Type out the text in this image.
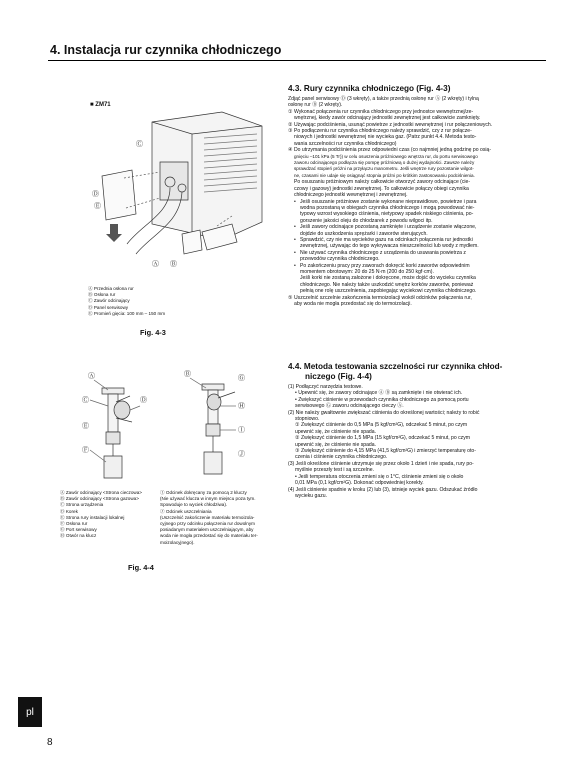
4. Instalacja rur czynnika chłodniczego
■ ZM71
Ⓒ
Ⓓ
Ⓔ
Ⓐ Ⓑ
Ⓐ Przednia osłona rur
Ⓑ Osłona rur
Ⓒ Zawór odcinający
Ⓓ Panel serwisowy
Ⓔ Promień gięcia: 100 mm – 150 mm
Fig. 4-3
4.3. Rury czynnika chłodniczego (Fig. 4-3)

Zdjąć panel serwisowy Ⓓ (3 wkręty), a także przednią osłonę rur Ⓐ (2 wkręty) i tylną

osłonę rur Ⓑ (2 wkręty).

① Wykonać połączenia rur czynnika chłodniczego przy jednostce wewnętrznej/ze-

wnętrznej, kiedy zawór odcinający jednostki zewnętrznej jest całkowicie zamknięty.

② Używając podciśnienia, usunąć powietrze z jednostki wewnętrznej i rur połączeniowych.

③ Po podłączeniu rur czynnika chłodniczego należy sprawdzić, czy z rur połącze-

niowych i jednostki wewnętrznej nie wycieka gaz. (Patrz punkt 4.4. Metoda testo-

wania szczelności rur czynnika chłodniczego)

④ Do utrzymania podciśnienia przez odpowiedni czas (co najmniej jedną godzinę po osią-

gnięciu –101 kPa (5 Tr)) w celu osuszenia próżniowego wnętrza rur, do portu serwisowego

zaworu odcinającego podłącza się pompę próżniową o dużej wydajności. Zawsze należy

sprawdzać stopień próżni na przyłączu manometru. Jeśli wnętrze rury pozostanie wilgot-

ne, czasami nie udaje się osiągnąć stopnia próżni po krótkim zastosowaniu podciśnienia.

Po osuszaniu próżniowym należy całkowicie otworzyć zawory odcinające (cie-

czowy i gazowy) jednostki zewnętrznej. To całkowicie połączy obiegi czynnika

chłodniczego jednostki wewnętrznej i zewnętrznej.

• Jeśli osuszanie próżniowe zostanie wykonane nieprawidłowo, powietrze i para
wodna pozostaną w obiegach czynnika chłodniczego i mogą powodować nie-
typowy wzrost wysokiego ciśnienia, nietypowy spadek niskiego ciśnienia, po-
gorszenie jakości oleju do chłodzarek z powodu wilgoci itp.
• Jeśli zawory odcinające pozostaną zamknięte i urządzenie zostanie włączone,
dojdzie do uszkodzenia sprężarki i zaworów sterujących.
• Sprawdzić, czy nie ma wycieków gazu na odcinkach połączenia rur jednostki
zewnętrznej, używając do tego wykrywacza nieszczelności lub wody z mydłem.
• Nie używać czynnika chłodniczego z urządzenia do usuwania powietrza z
przewodów czynnika chłodniczego.
• Po zakończeniu pracy przy zaworach dokręcić korki zaworów odpowiednim
momentem obrotowym: 20 do 25 N·m (200 do 250 kgf·cm).
Jeśli korki nie zostaną założone i dokręcone, może dojść do wycieku czynnika
chłodniczego. Nie należy także uszkodzić wnętrz korków zaworów, ponieważ
pełnią one rolę uszczelnienia, zapobiegając wyciekowi czynnika chłodniczego.

⑤ Uszczelnić szczelnie zakończenia termoizolacji wokół odcinków połączenia rur,

aby woda nie mogła przedostać się do termoizolacji.

Ⓐ
Ⓒ	Ⓓ
Ⓔ
Ⓕ
Ⓑ	Ⓖ
Ⓗ
Ⓘ
Ⓙ
Ⓐ Zawór odcinający <Strona cieczowa>
Ⓑ Zawór odcinający <Strona gazowa>
Ⓒ Strona urządzenia
Ⓓ Korek
Ⓔ Strona rury instalacji lokalnej
Ⓕ Osłona rur
Ⓖ Port serwisowy
Ⓗ Otwór na klucz
Ⓘ Odcinek dokręcany za pomocą 2 kluczy
(Nie używać klucza w innym miejscu poza tym.
Spowoduje to wyciek chłodziwa).
Ⓙ Odcinek uszczelniania
(Uszczelnić zakończenie materiału termoizola-
cyjnego przy odcinku połączenia rur dowolnym
posiadanym materiałem uszczelniającym, aby
woda nie mogła przedostać się do materiału ter-
moizolacyjnego).
Fig. 4-4
4.4. Metoda testowania szczelności rur czynnika chłod-
niczego (Fig. 4-4)

(1) Podłączyć narzędzia testowe.

• Upewnić się, że zawory odcinające Ⓐ Ⓑ są zamknięte i nie otwierać ich.

• Zwiększyć ciśnienie w przewodach czynnika chłodniczego za pomocą portu

serwisowego Ⓖ zaworu odcinającego cieczy Ⓐ.

(2) Nie należy gwałtownie zwiększać ciśnienia do określonej wartości; należy to robić

stopniowo.

① Zwiększyć ciśnienie do 0,5 MPa (5 kgf/cm²G), odczekać 5 minut, po czym

upewnić się, że ciśnienie nie spada.

② Zwiększyć ciśnienie do 1,5 MPa (15 kgf/cm²G), odczekać 5 minut, po czym

upewnić się, że ciśnienie nie spada.

③ Zwiększyć ciśnienie do 4,15 MPa (41,5 kgf/cm²G) i zmierzyć temperaturę oto-

czenia i ciśnienie czynnika chłodniczego.

(3) Jeśli określone ciśnienie utrzymuje się przez około 1 dzień i nie spada, rury po-

myślnie przeszły test i są szczelne.

• Jeśli temperatura otoczenia zmieni się o 1°C, ciśnienie zmieni się o około

0,01 MPa (0,1 kgf/cm²G). Dokonać odpowiedniej korekty.

(4) Jeśli ciśnienie spadnie w kroku (2) lub (3), istnieje wyciek gazu. Odszukać źródło

wycieku gazu.

pl
8
